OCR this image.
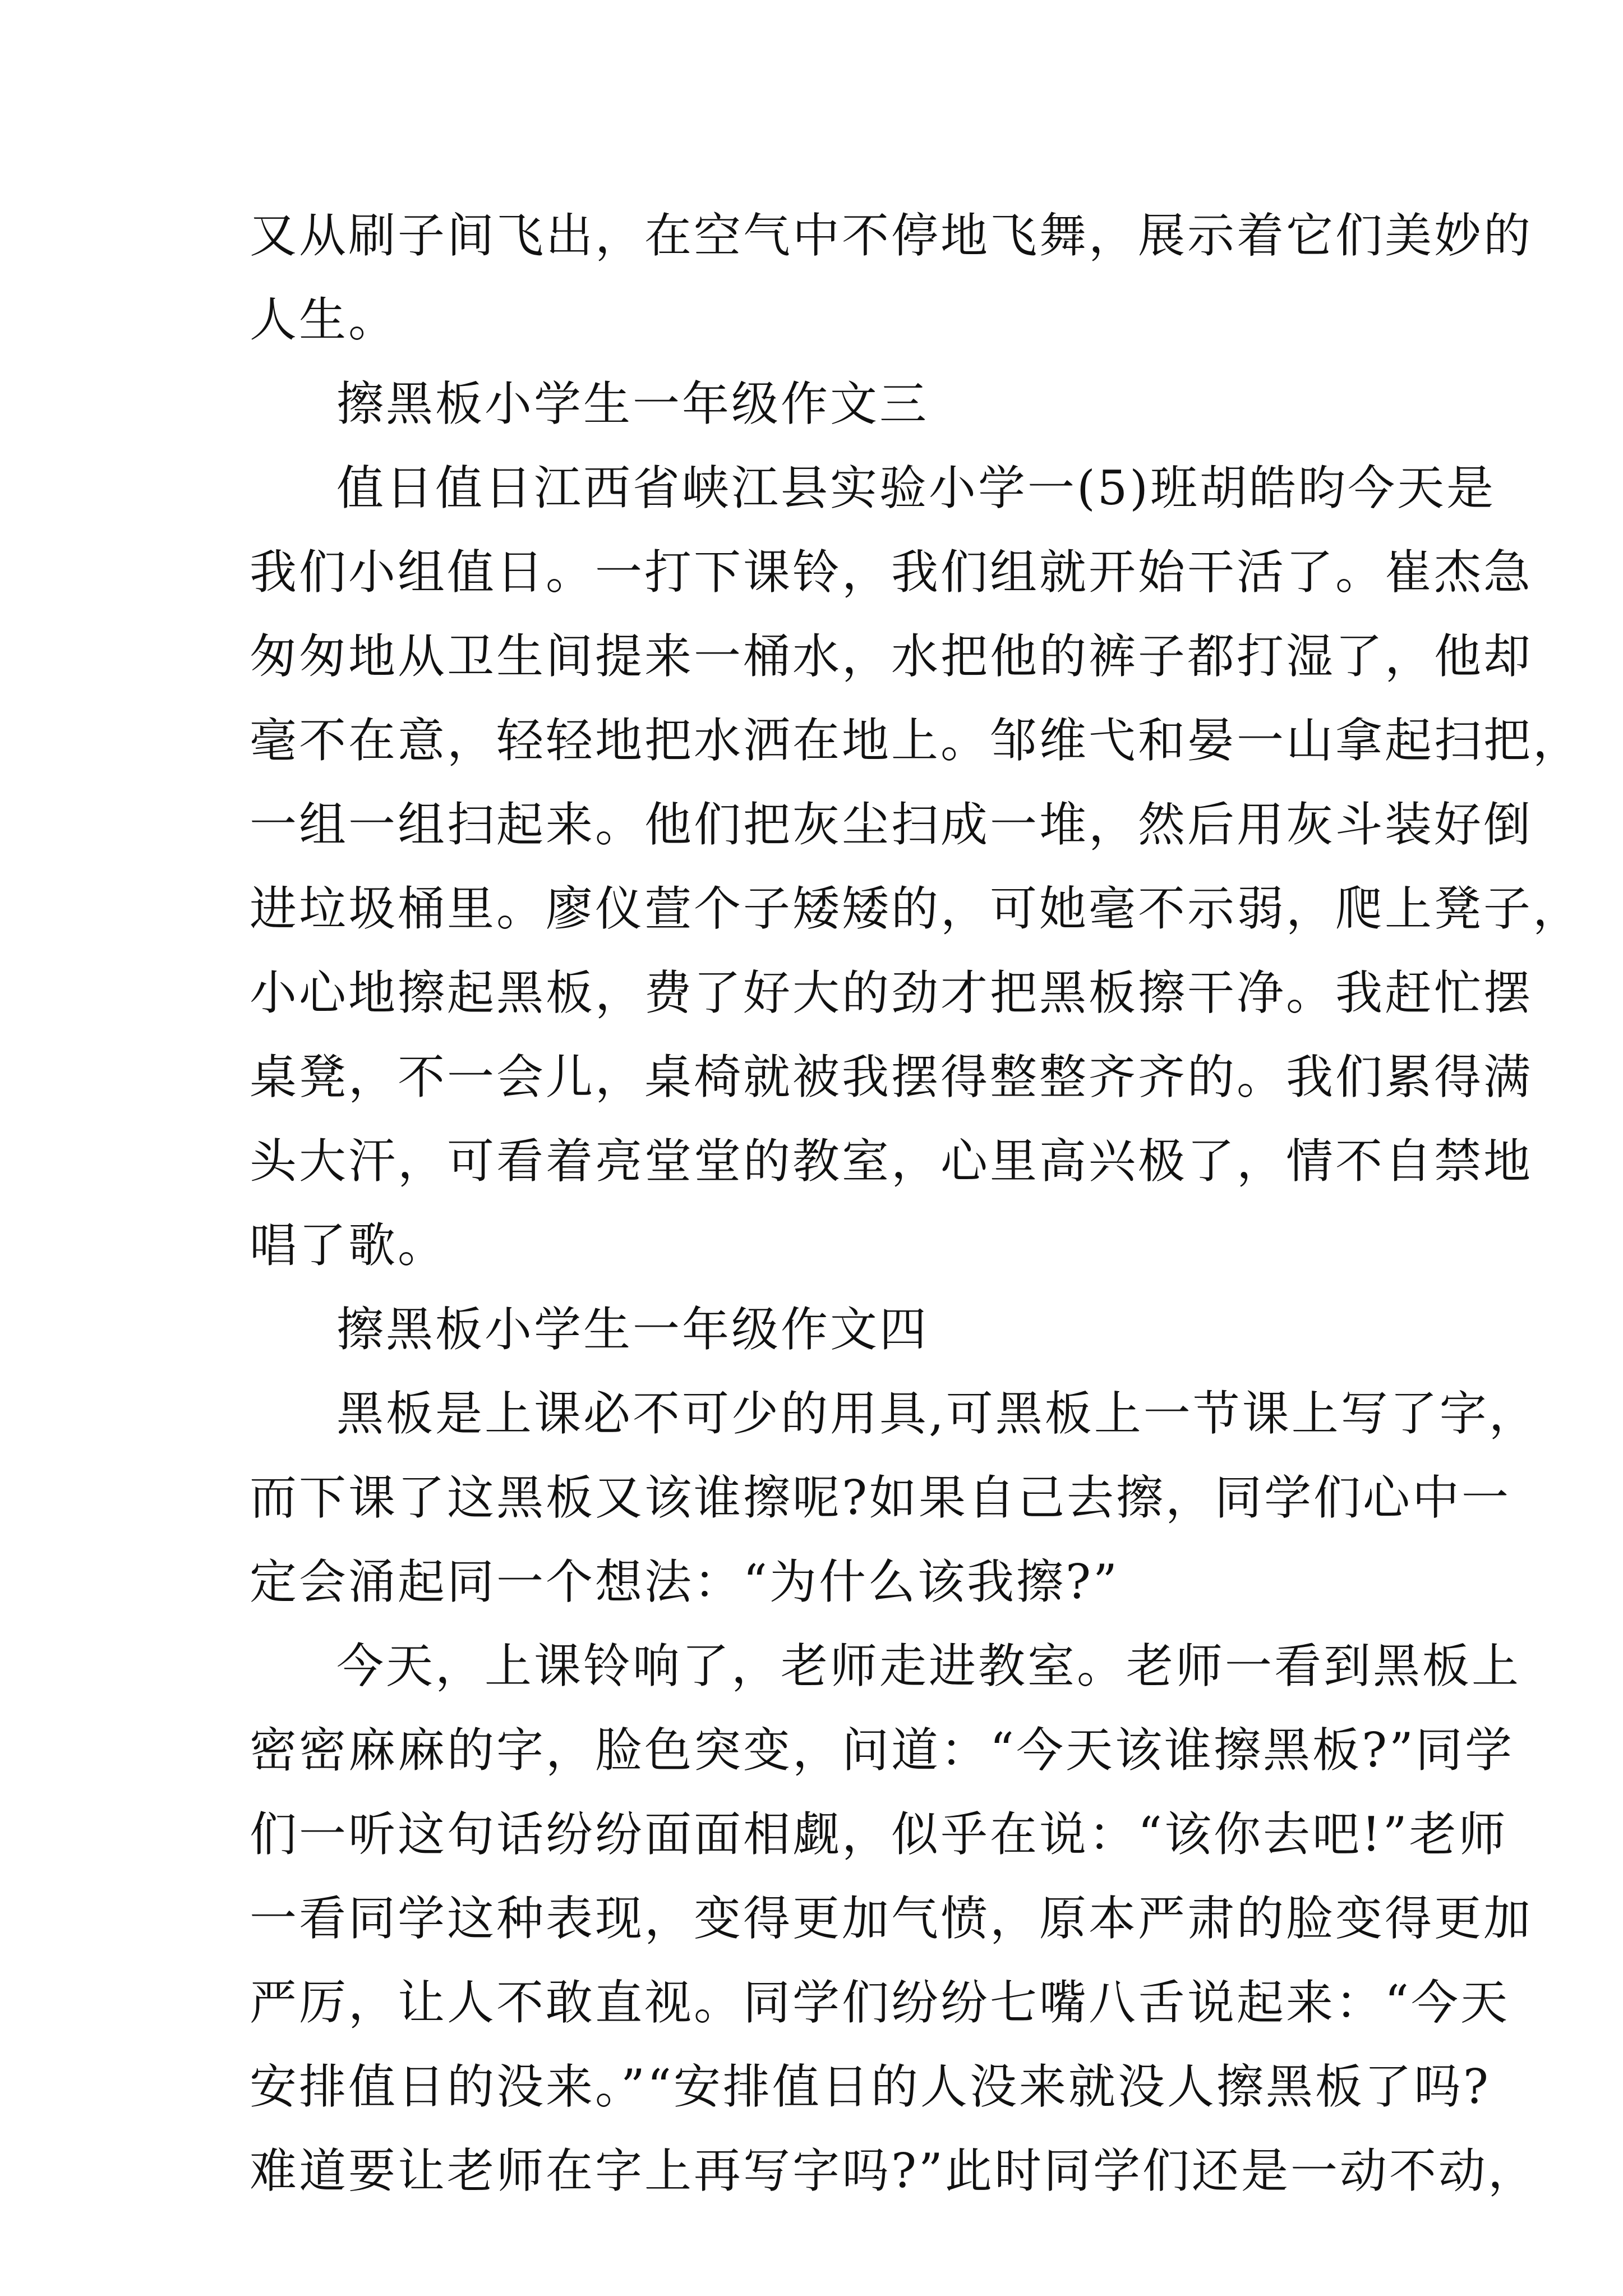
又从刷子间飞出，在空气中不停地飞舞，展示着它们美妙的
人生。
擦黑板小学生一年级作文三
值日值日江西省峡江县实验小学一(5)班胡皓昀今天是
我们小组值日。一打下课铃，我们组就开始干活了。崔杰急
匆匆地从卫生间提来一桶水，水把他的裤子都打湿了，他却
毫不在意，轻轻地把水洒在地上。邹维弋和晏一山拿起扫把，
一组一组扫起来。他们把灰尘扫成一堆，然后用灰斗装好倒
进垃圾桶里。廖仪萱个子矮矮的，可她毫不示弱，爬上凳子，
小心地擦起黑板，费了好大的劲才把黑板擦干净。我赶忙摆
桌凳，不一会儿，桌椅就被我摆得整整齐齐的。我们累得满
头大汗，可看着亮堂堂的教室，心里高兴极了，情不自禁地
唱了歌。
擦黑板小学生一年级作文四
黑板是上课必不可少的用具,可黑板上一节课上写了字，
而下课了这黑板又该谁擦呢?如果自己去擦，同学们心中一
定会涌起同一个想法：“为什么该我擦?”
今天，上课铃响了，老师走进教室。老师一看到黑板上
密密麻麻的字，脸色突变，问道：“今天该谁擦黑板?”同学
们一听这句话纷纷面面相觑，似乎在说：“该你去吧!”老师
一看同学这种表现，变得更加气愤，原本严肃的脸变得更加
严厉，让人不敢直视。同学们纷纷七嘴八舌说起来：“今天
安排值日的没来。”“安排值日的人没来就没人擦黑板了吗?
难道要让老师在字上再写字吗?”此时同学们还是一动不动，
